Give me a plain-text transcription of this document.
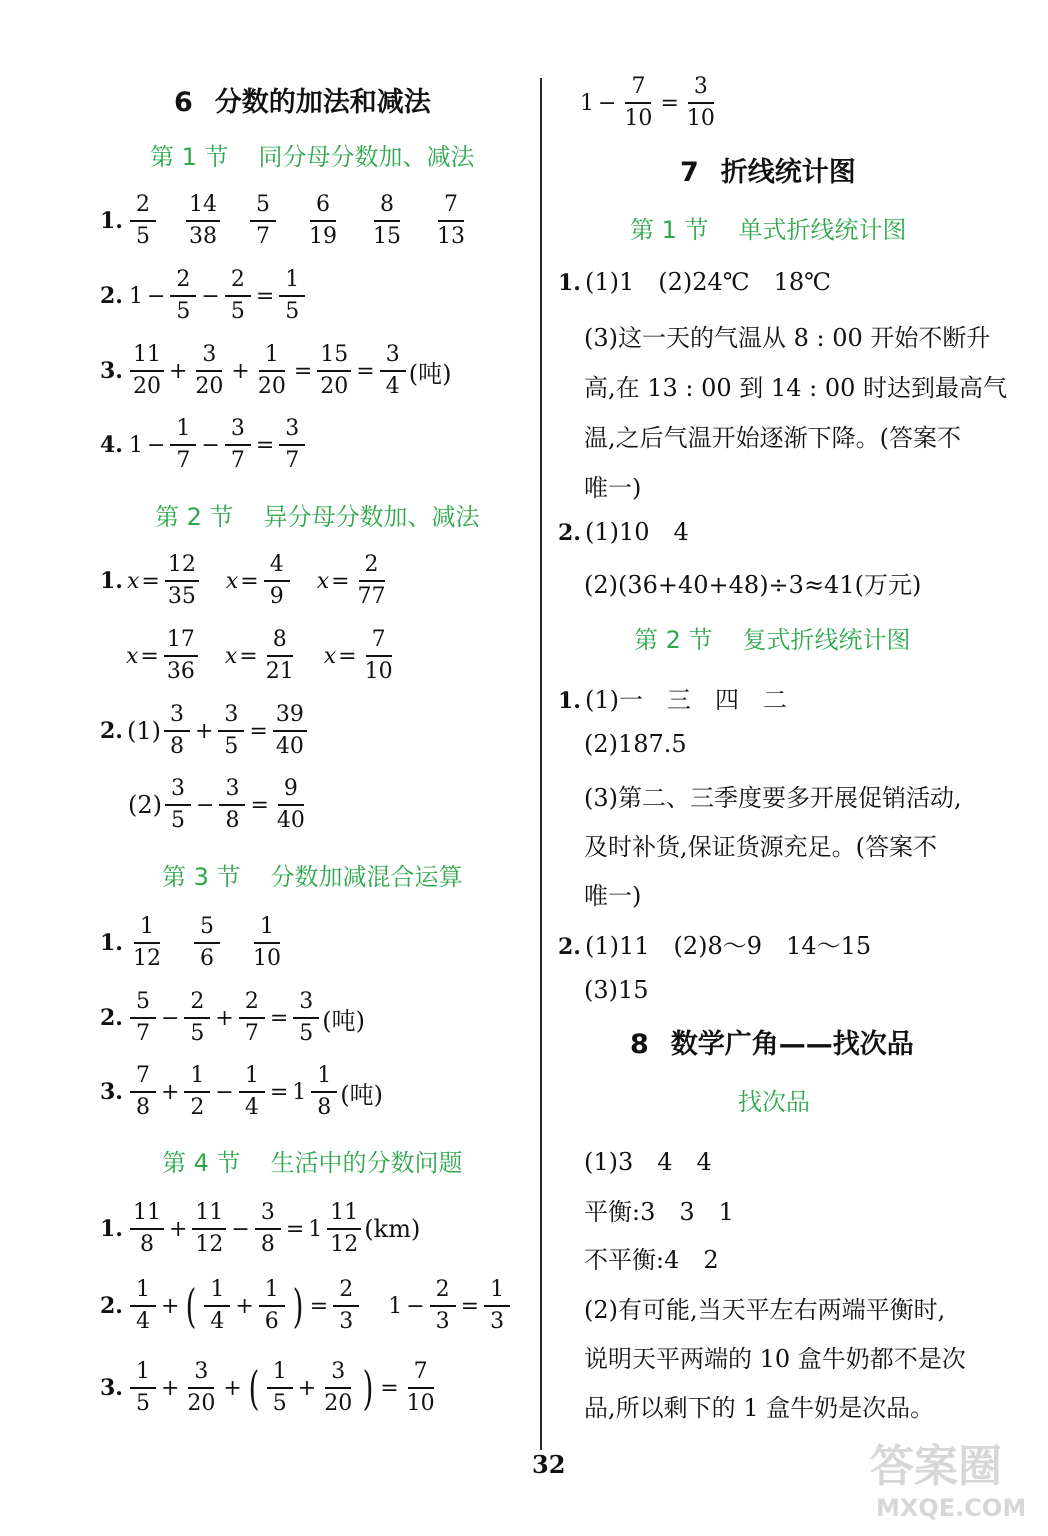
6 分数的加法和减法
第 1 节 同分母分数加、减法
1. $\frac{2}{5} \frac{14}{38} \frac{5}{7} \frac{6}{19} \frac{8}{15} \frac{7}{13}$
2. $1 - \frac{2}{5} - \frac{2}{5} = \frac{1}{5}$
3. $\frac{11}{20} + \frac{3}{20} + \frac{1}{20} = \frac{15}{20} = \frac{3}{4}$ (吨)
4. $1 - \frac{1}{7} - \frac{3}{7} = \frac{3}{7}$
第 2 节 异分母分数加、减法
1. $x = \frac{12}{35}$ $x = \frac{4}{9}$ $x = \frac{2}{77}$
$x = \frac{17}{36}$ $x = \frac{8}{21}$ $x = \frac{7}{10}$
2. $(1) \frac{3}{8} + \frac{3}{5} = \frac{39}{40}$
$(2) \frac{3}{5} - \frac{3}{8} = \frac{9}{40}$
第 3 节 分数加减混合运算
1. $\frac{1}{12} \frac{5}{6} \frac{1}{10}$
2. $\frac{5}{7} - \frac{2}{5} + \frac{2}{7} = \frac{3}{5}$ (吨)
3. $\frac{7}{8} + \frac{1}{2} - \frac{1}{4} = 1 \frac{1}{8}$ (吨)
第 4 节 生活中的分数问题
1. $\frac{11}{8} + \frac{11}{12} - \frac{3}{8} = 1 \frac{11}{12} (km)$
2. $\frac{1}{4}$ + ( $\frac{1}{4} + \frac{1}{6}$ ) = $\frac{2}{3} 1 - \frac{2}{3} = \frac{1}{3}$
3. $\frac{1}{5} + \frac{3}{20}$ + ( $\frac{1}{5} + \frac{3}{20}$ ) = $\frac{7}{10}$
$1 - \frac{7}{10} = \frac{3}{10}$
7 折线统计图
第 1 节 单式折线统计图
1. (1)1 (2)24℃ 18℃
(3)这一天的气温从 8 : 00 开始不断升
高,在 13 : 00 到 14 : 00 时达到最高气
温,之后气温开始逐渐下降。(答案不
唯一)
2. (1)10 4
(2)(36+40+48)÷3≈41(万元)
第 2 节 复式折线统计图
1. (1)一 三 四 二
(2)187.5
(3)第二、三季度要多开展促销活动,
及时补货,保证货源充足。(答案不
唯一)
2. (1)11 (2)8～9 14～15
(3)15
8 数学广角——找次品
找次品
(1)3　4　4
平衡:3　3　1
不平衡:4　2
(2)有可能,当天平左右两端平衡时,
说明天平两端的 10 盒牛奶都不是次
品,所以剩下的 1 盒牛奶是次品。
32	答案圈
MXQE.COM
